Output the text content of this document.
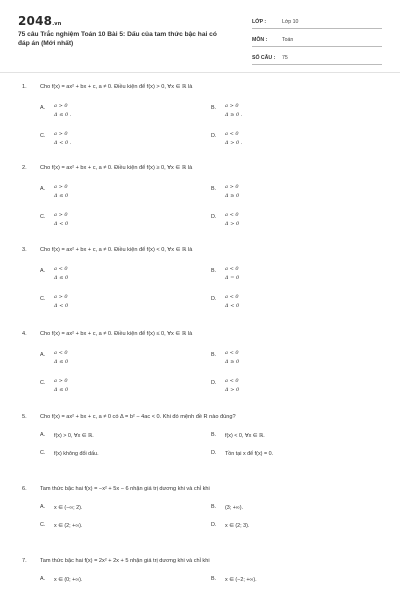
2048.vn
75 câu Trắc nghiệm Toán 10 Bài 5: Dấu của tam thức bậc hai có đáp án (Mới nhất)
LỚP :	Lớp 10
MÔN :	Toán
SỐ CÂU :	75
1. Cho f(x) = ax² + bx + c, a ≠ 0. Điều kiện để f(x) > 0, ∀x ∈ ℝ là
A.	a > 0
Δ ≤ 0 .
B.	a > 0
Δ ≥ 0 .
C.	a > 0
Δ < 0 .
D.	a < 0
Δ > 0 .
2. Cho f(x) = ax² + bx + c, a ≠ 0. Điều kiện để f(x) ≥ 0, ∀x ∈ ℝ là
A.	a > 0
Δ ≤ 0
B.	a > 0
Δ ≥ 0
C.	a > 0
Δ < 0
D.	a < 0
Δ > 0
3. Cho f(x) = ax² + bx + c, a ≠ 0. Điều kiện để f(x) < 0, ∀x ∈ ℝ là
A.	a < 0
Δ ≤ 0
B.	a < 0
Δ = 0
C.	a > 0
Δ < 0
D.	a < 0
Δ < 0
4. Cho f(x) = ax² + bx + c, a ≠ 0. Điều kiện để f(x) ≤ 0, ∀x ∈ ℝ là
A.	a < 0
Δ ≤ 0
B.	a < 0
Δ ≥ 0
C.	a > 0
Δ ≤ 0
D.	a < 0
Δ > 0
5. Cho f(x) = ax² + bx + c, a ≠ 0 có Δ = b² − 4ac < 0. Khi đó mệnh đề R nào đúng?
A.	f(x) > 0, ∀x ∈ ℝ.	B.	f(x) < 0, ∀x ∈ ℝ.
C.	f(x) không đổi dấu.	D.	Tồn tại x để f(x) = 0.
6. Tam thức bậc hai f(x) = −x² + 5x − 6 nhận giá trị dương khi và chỉ khi
A.	x ∈ (−∞; 2).	B.	(3; +∞).
C.	x ∈ (2; +∞).	D.	x ∈ (2; 3).
7. Tam thức bậc hai f(x) = 2x² + 2x + 5 nhận giá trị dương khi và chỉ khi
A.	x ∈ (0; +∞).	B.	x ∈ (−2; +∞).
